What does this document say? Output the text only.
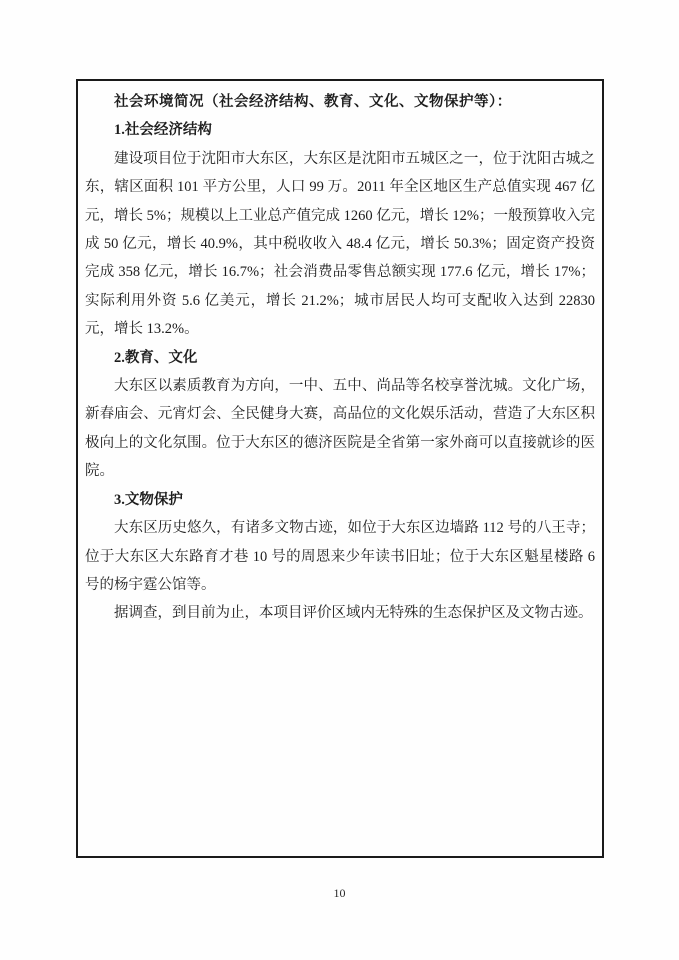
社会环境简况（社会经济结构、教育、文化、文物保护等）：
1.社会经济结构

建设项目位于沈阳市大东区，大东区是沈阳市五城区之一，位于沈阳古城之东，辖区面积 101 平方公里，人口 99 万。2011 年全区地区生产总值实现 467 亿元，增长 5%；规模以上工业总产值完成 1260 亿元，增长 12%；一般预算收入完成 50 亿元，增长 40.9%，其中税收收入 48.4 亿元，增长 50.3%；固定资产投资完成 358 亿元，增长 16.7%；社会消费品零售总额实现 177.6 亿元，增长 17%；实际利用外资 5.6 亿美元，增长 21.2%；城市居民人均可支配收入达到 22830 元，增长 13.2%。

2.教育、文化

大东区以素质教育为方向，一中、五中、尚品等名校享誉沈城。文化广场，新春庙会、元宵灯会、全民健身大赛，高品位的文化娱乐活动，营造了大东区积极向上的文化氛围。位于大东区的德济医院是全省第一家外商可以直接就诊的医院。

3.文物保护

大东区历史悠久，有诸多文物古迹，如位于大东区边墙路 112 号的八王寺；位于大东区大东路育才巷 10 号的周恩来少年读书旧址；位于大东区魁星楼路 6 号的杨宇霆公馆等。

据调查，到目前为止，本项目评价区域内无特殊的生态保护区及文物古迹。

10
